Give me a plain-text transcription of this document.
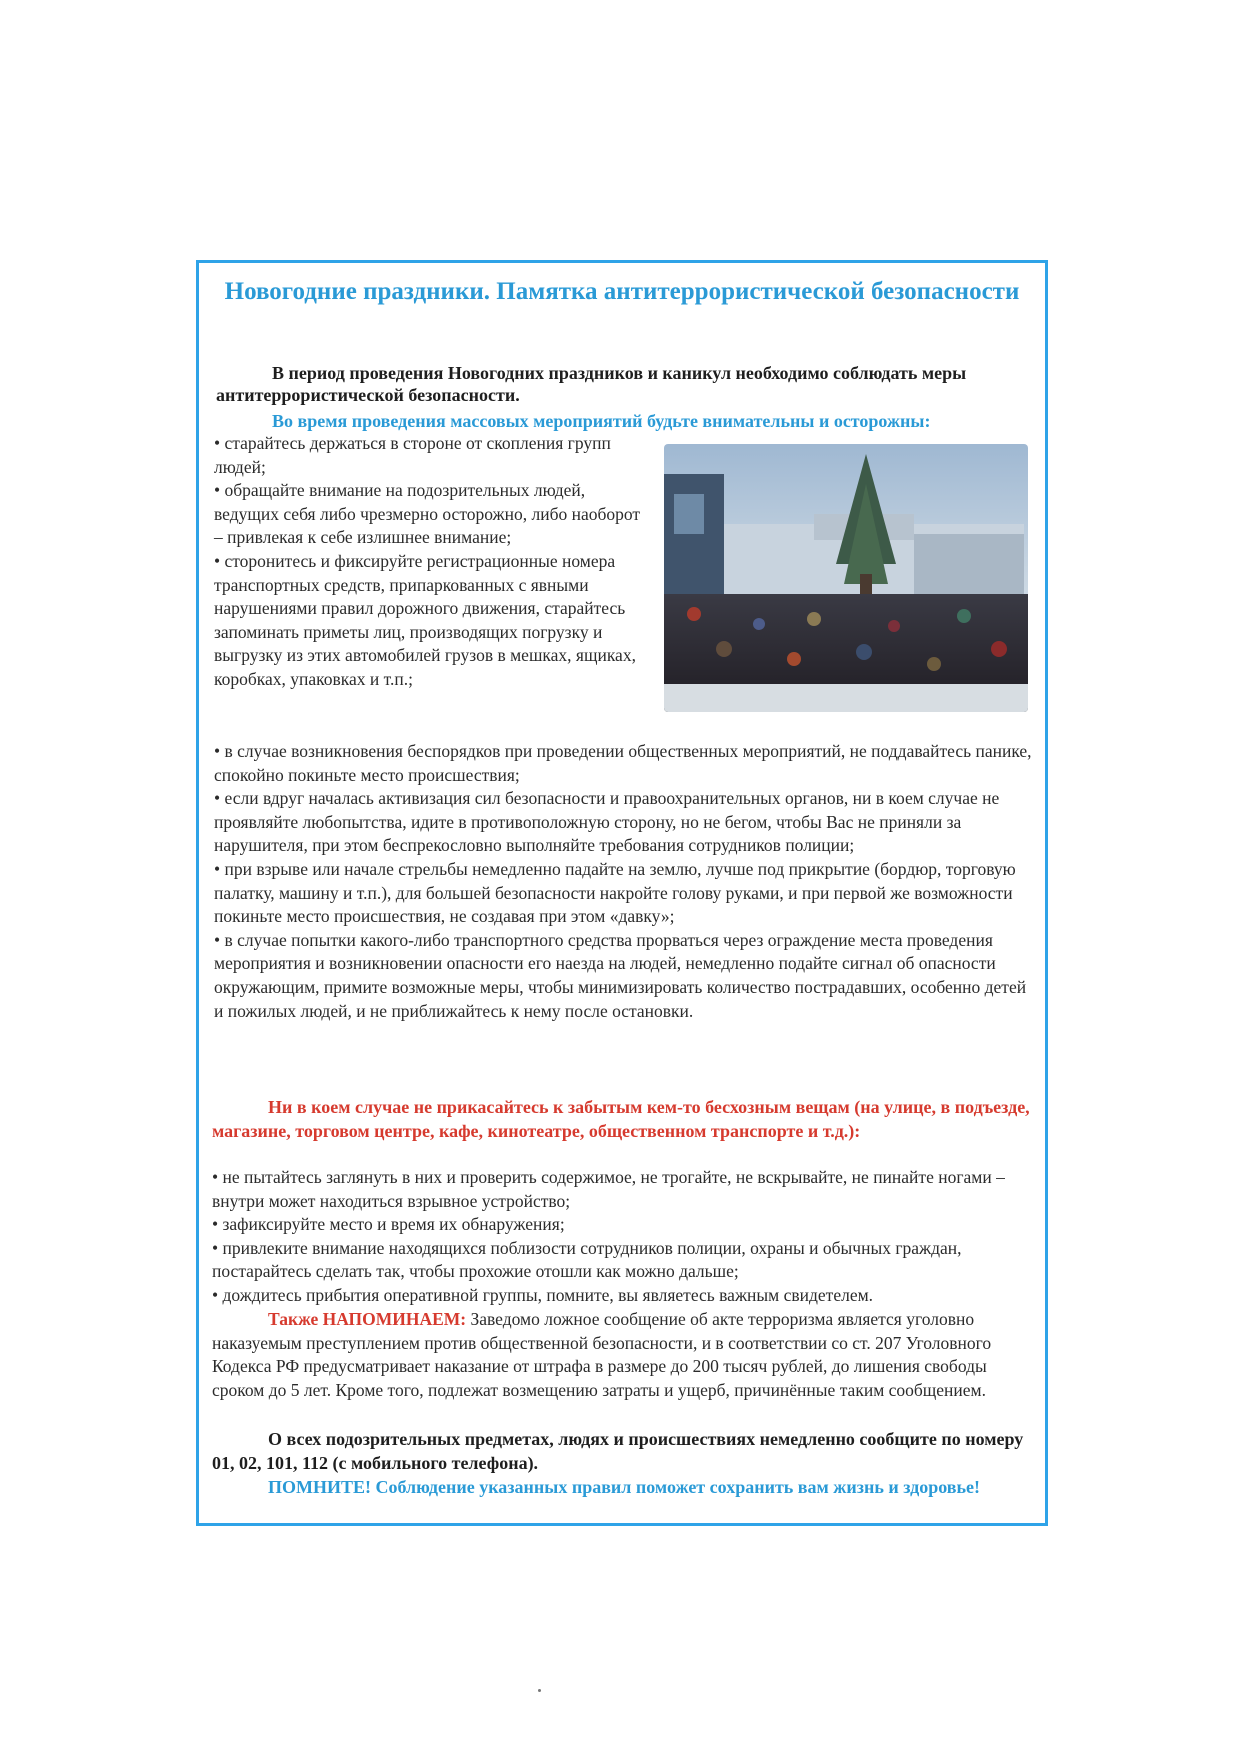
Новогодние праздники. Памятка антитеррористической безопасности
В период проведения Новогодних праздников и каникул необходимо соблюдать меры антитеррористической безопасности.
Во время проведения массовых мероприятий будьте внимательны и осторожны:
• старайтесь держаться в стороне от скопления групп людей;
• обращайте внимание на подозрительных людей, ведущих себя либо чрезмерно осторожно, либо наоборот – привлекая к себе излишнее внимание;
• сторонитесь и фиксируйте регистрационные номера транспортных средств, припаркованных с явными нарушениями правил дорожного движения, старайтесь запоминать приметы лиц, производящих погрузку и выгрузку из этих автомобилей грузов в мешках, ящиках, коробках, упаковках и т.п.;
• в случае возникновения беспорядков при проведении общественных мероприятий, не поддавайтесь панике, спокойно покиньте место происшествия;
• если вдруг началась активизация сил безопасности и правоохранительных органов, ни в коем случае не проявляйте любопытства, идите в противоположную сторону, но не бегом, чтобы Вас не приняли за нарушителя, при этом беспрекословно выполняйте требования сотрудников полиции;
• при взрыве или начале стрельбы немедленно падайте на землю, лучше под прикрытие (бордюр, торговую палатку, машину и т.п.), для большей безопасности накройте голову руками, и при первой же возможности покиньте место происшествия, не создавая при этом «давку»;
• в случае попытки какого-либо транспортного средства прорваться через ограждение места проведения мероприятия и возникновении опасности его наезда на людей, немедленно подайте сигнал об опасности окружающим, примите возможные меры, чтобы минимизировать количество пострадавших, особенно детей и пожилых людей, и не приближайтесь к нему после остановки.
Ни в коем случае не прикасайтесь к забытым кем-то бесхозным вещам (на улице, в подъезде, магазине, торговом центре, кафе, кинотеатре, общественном транспорте и т.д.):
• не пытайтесь заглянуть в них и проверить содержимое, не трогайте, не вскрывайте, не пинайте ногами – внутри может находиться взрывное устройство;
• зафиксируйте место и время их обнаружения;
• привлеките внимание находящихся поблизости сотрудников полиции, охраны и обычных граждан, постарайтесь сделать так, чтобы прохожие отошли как можно дальше;
• дождитесь прибытия оперативной группы, помните, вы являетесь важным свидетелем.
Также НАПОМИНАЕМ: Заведомо ложное сообщение об акте терроризма является уголовно наказуемым преступлением против общественной безопасности, и в соответствии со ст. 207 Уголовного Кодекса РФ предусматривает наказание от штрафа в размере до 200 тысяч рублей, до лишения свободы сроком до 5 лет. Кроме того, подлежат возмещению затраты и ущерб, причинённые таким сообщением.
О всех подозрительных предметах, людях и происшествиях немедленно сообщите по номеру 01, 02, 101, 112 (с мобильного телефона).
ПОМНИТЕ! Соблюдение указанных правил поможет сохранить вам жизнь и здоровье!
